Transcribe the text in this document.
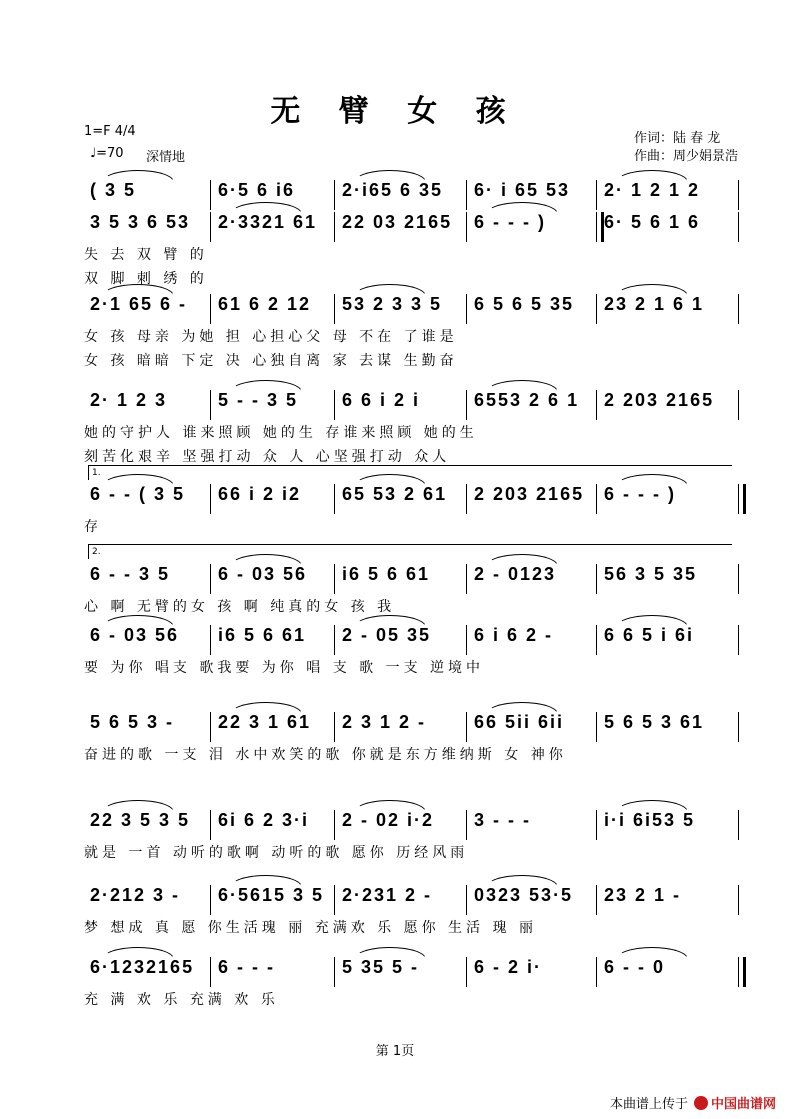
无 臂 女 孩
1=F 4/4
♩=70 深情地
作词：陆 春 龙
作曲：周少娟景浩
( 3 5	6·5 6 i6	2·i65 6 35 6· i 65 53 2· 1 2 1 2
3 5 3 6 53 2·3321 61 22 03 2165 6 - - - )	6· 5 6 1 6
失 去 双 臂 的
双 脚 刺 绣 的
2·1 65 6 - 61 6 2 12 53 2 3 3 5 6 5 6 5 35 23 2 1 6 1
女 孩 母亲 为她 担 心担心父 母 不在 了谁是
女 孩 暗暗 下定 决 心独自离 家 去谋 生勤奋
2· 1 2 3	5 - - 3 5 6 6 i 2 i	6553 2 6 1 2 203 2165
她的守护人 谁来照顾 她的生 存谁来照顾 她的生
刻苦化艰辛 坚强打动 众 人 心坚强打动 众人
6 - - ( 3 5 66 i 2 i2 65 53 2 61 2 203 2165 6 - - - )
存
6 - - 3 5	6 - 03 56 i6 5 6 61 2 - 0123	56 3 5 35
心 啊 无臂的女 孩 啊 纯真的女 孩 我
6 - 03 56 i6 5 6 61 2 - 05 35 6 i 6 2 -	6 6 5 i 6i
要 为你 唱支 歌我要 为你 唱 支 歌 一支 逆境中
5 6 5 3 - 22 3 1 61 2 3 1 2 -	66 5ii 6ii 5 6 5 3 61
奋进的歌 一支 泪 水中欢笑的歌 你就是东方维纳斯 女 神你
22 3 5 3 5 6i 6 2 3·i 2 - 02 i·2 3 - - -	i·i 6i53 5
就是 一首 动听的歌啊 动听的歌 愿你 历经风雨
2·212 3 - 6·5615 3 5 2·231 2 - 0323 53·5 23 2 1 -
梦 想成 真 愿 你生活瑰 丽 充满欢 乐 愿你 生活 瑰 丽
6·1232165 6 - - -	5 35 5 -	6 - 2 i·	6 - - 0
充 满 欢 乐 充满 欢 乐
1.
2.
第 1页
本曲谱上传于 中国曲谱网
